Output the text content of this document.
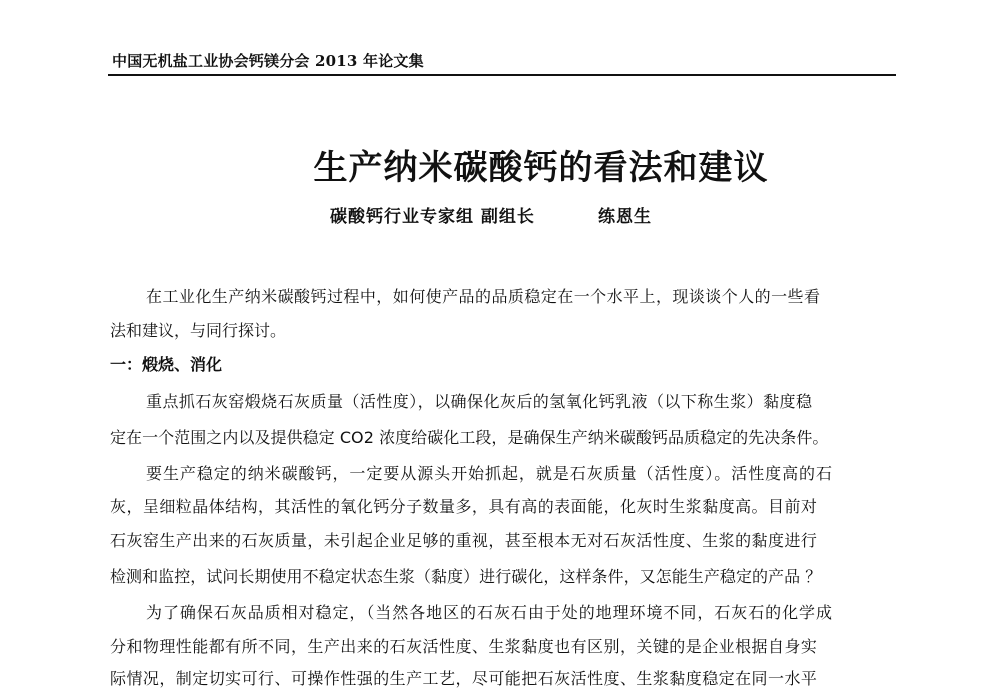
中国无机盐工业协会钙镁分会 2013 年论文集
生产纳米碳酸钙的看法和建议
碳酸钙行业专家组 副组长	练恩生
在工业化生产纳米碳酸钙过程中，如何使产品的品质稳定在一个水平上，现谈谈个人的一些看
法和建议，与同行探讨。
一：煅烧、消化
重点抓石灰窑煅烧石灰质量（活性度），以确保化灰后的氢氧化钙乳液（以下称生浆）黏度稳
定在一个范围之内以及提供稳定 CO2 浓度给碳化工段，是确保生产纳米碳酸钙品质稳定的先决条件。
要生产稳定的纳米碳酸钙，一定要从源头开始抓起，就是石灰质量（活性度）。活性度高的石
灰，呈细粒晶体结构，其活性的氧化钙分子数量多，具有高的表面能，化灰时生浆黏度高。目前对
石灰窑生产出来的石灰质量，未引起企业足够的重视，甚至根本无对石灰活性度、生浆的黏度进行
检测和监控，试问长期使用不稳定状态生浆（黏度）进行碳化，这样条件，又怎能生产稳定的产品 ？
为了确保石灰品质相对稳定，（当然各地区的石灰石由于处的地理环境不同，石灰石的化学成
分和物理性能都有所不同，生产出来的石灰活性度、生浆黏度也有区别，关键的是企业根据自身实
际情况，制定切实可行、可操作性强的生产工艺，尽可能把石灰活性度、生浆黏度稳定在同一水平
